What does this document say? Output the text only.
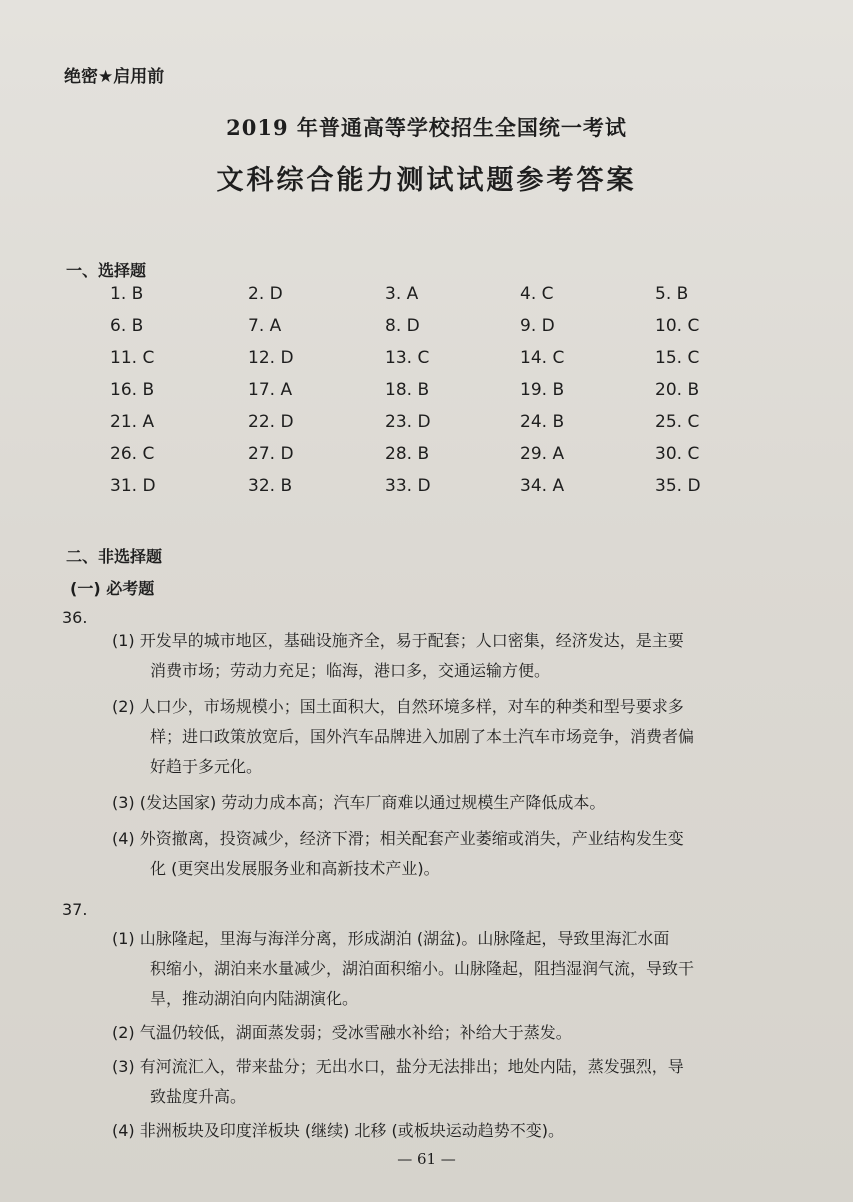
绝密★启用前
2019 年普通高等学校招生全国统一考试
文科综合能力测试试题参考答案
一、选择题
1. B	2. D	3. A	4. C	5. B
6. B	7. A	8. D	9. D	10. C
11. C	12. D	13. C	14. C	15. C
16. B	17. A	18. B	19. B	20. B
21. A	22. D	23. D	24. B	25. C
26. C	27. D	28. B	29. A	30. C
31. D	32. B	33. D	34. A	35. D
二、非选择题
(一) 必考题
36.
(1) 开发早的城市地区，基础设施齐全，易于配套；人口密集，经济发达，是主要
消费市场；劳动力充足；临海，港口多，交通运输方便。
(2) 人口少，市场规模小；国土面积大，自然环境多样，对车的种类和型号要求多
样；进口政策放宽后，国外汽车品牌进入加剧了本土汽车市场竞争，消费者偏
好趋于多元化。
(3) (发达国家) 劳动力成本高；汽车厂商难以通过规模生产降低成本。
(4) 外资撤离，投资减少，经济下滑；相关配套产业萎缩或消失，产业结构发生变
化 (更突出发展服务业和高新技术产业)。
37.
(1) 山脉隆起，里海与海洋分离，形成湖泊 (湖盆)。山脉隆起，导致里海汇水面
积缩小，湖泊来水量减少，湖泊面积缩小。山脉隆起，阻挡湿润气流，导致干
旱，推动湖泊向内陆湖演化。
(2) 气温仍较低，湖面蒸发弱；受冰雪融水补给；补给大于蒸发。
(3) 有河流汇入，带来盐分；无出水口，盐分无法排出；地处内陆，蒸发强烈，导
致盐度升高。
(4) 非洲板块及印度洋板块 (继续) 北移 (或板块运动趋势不变)。
— 61 —
